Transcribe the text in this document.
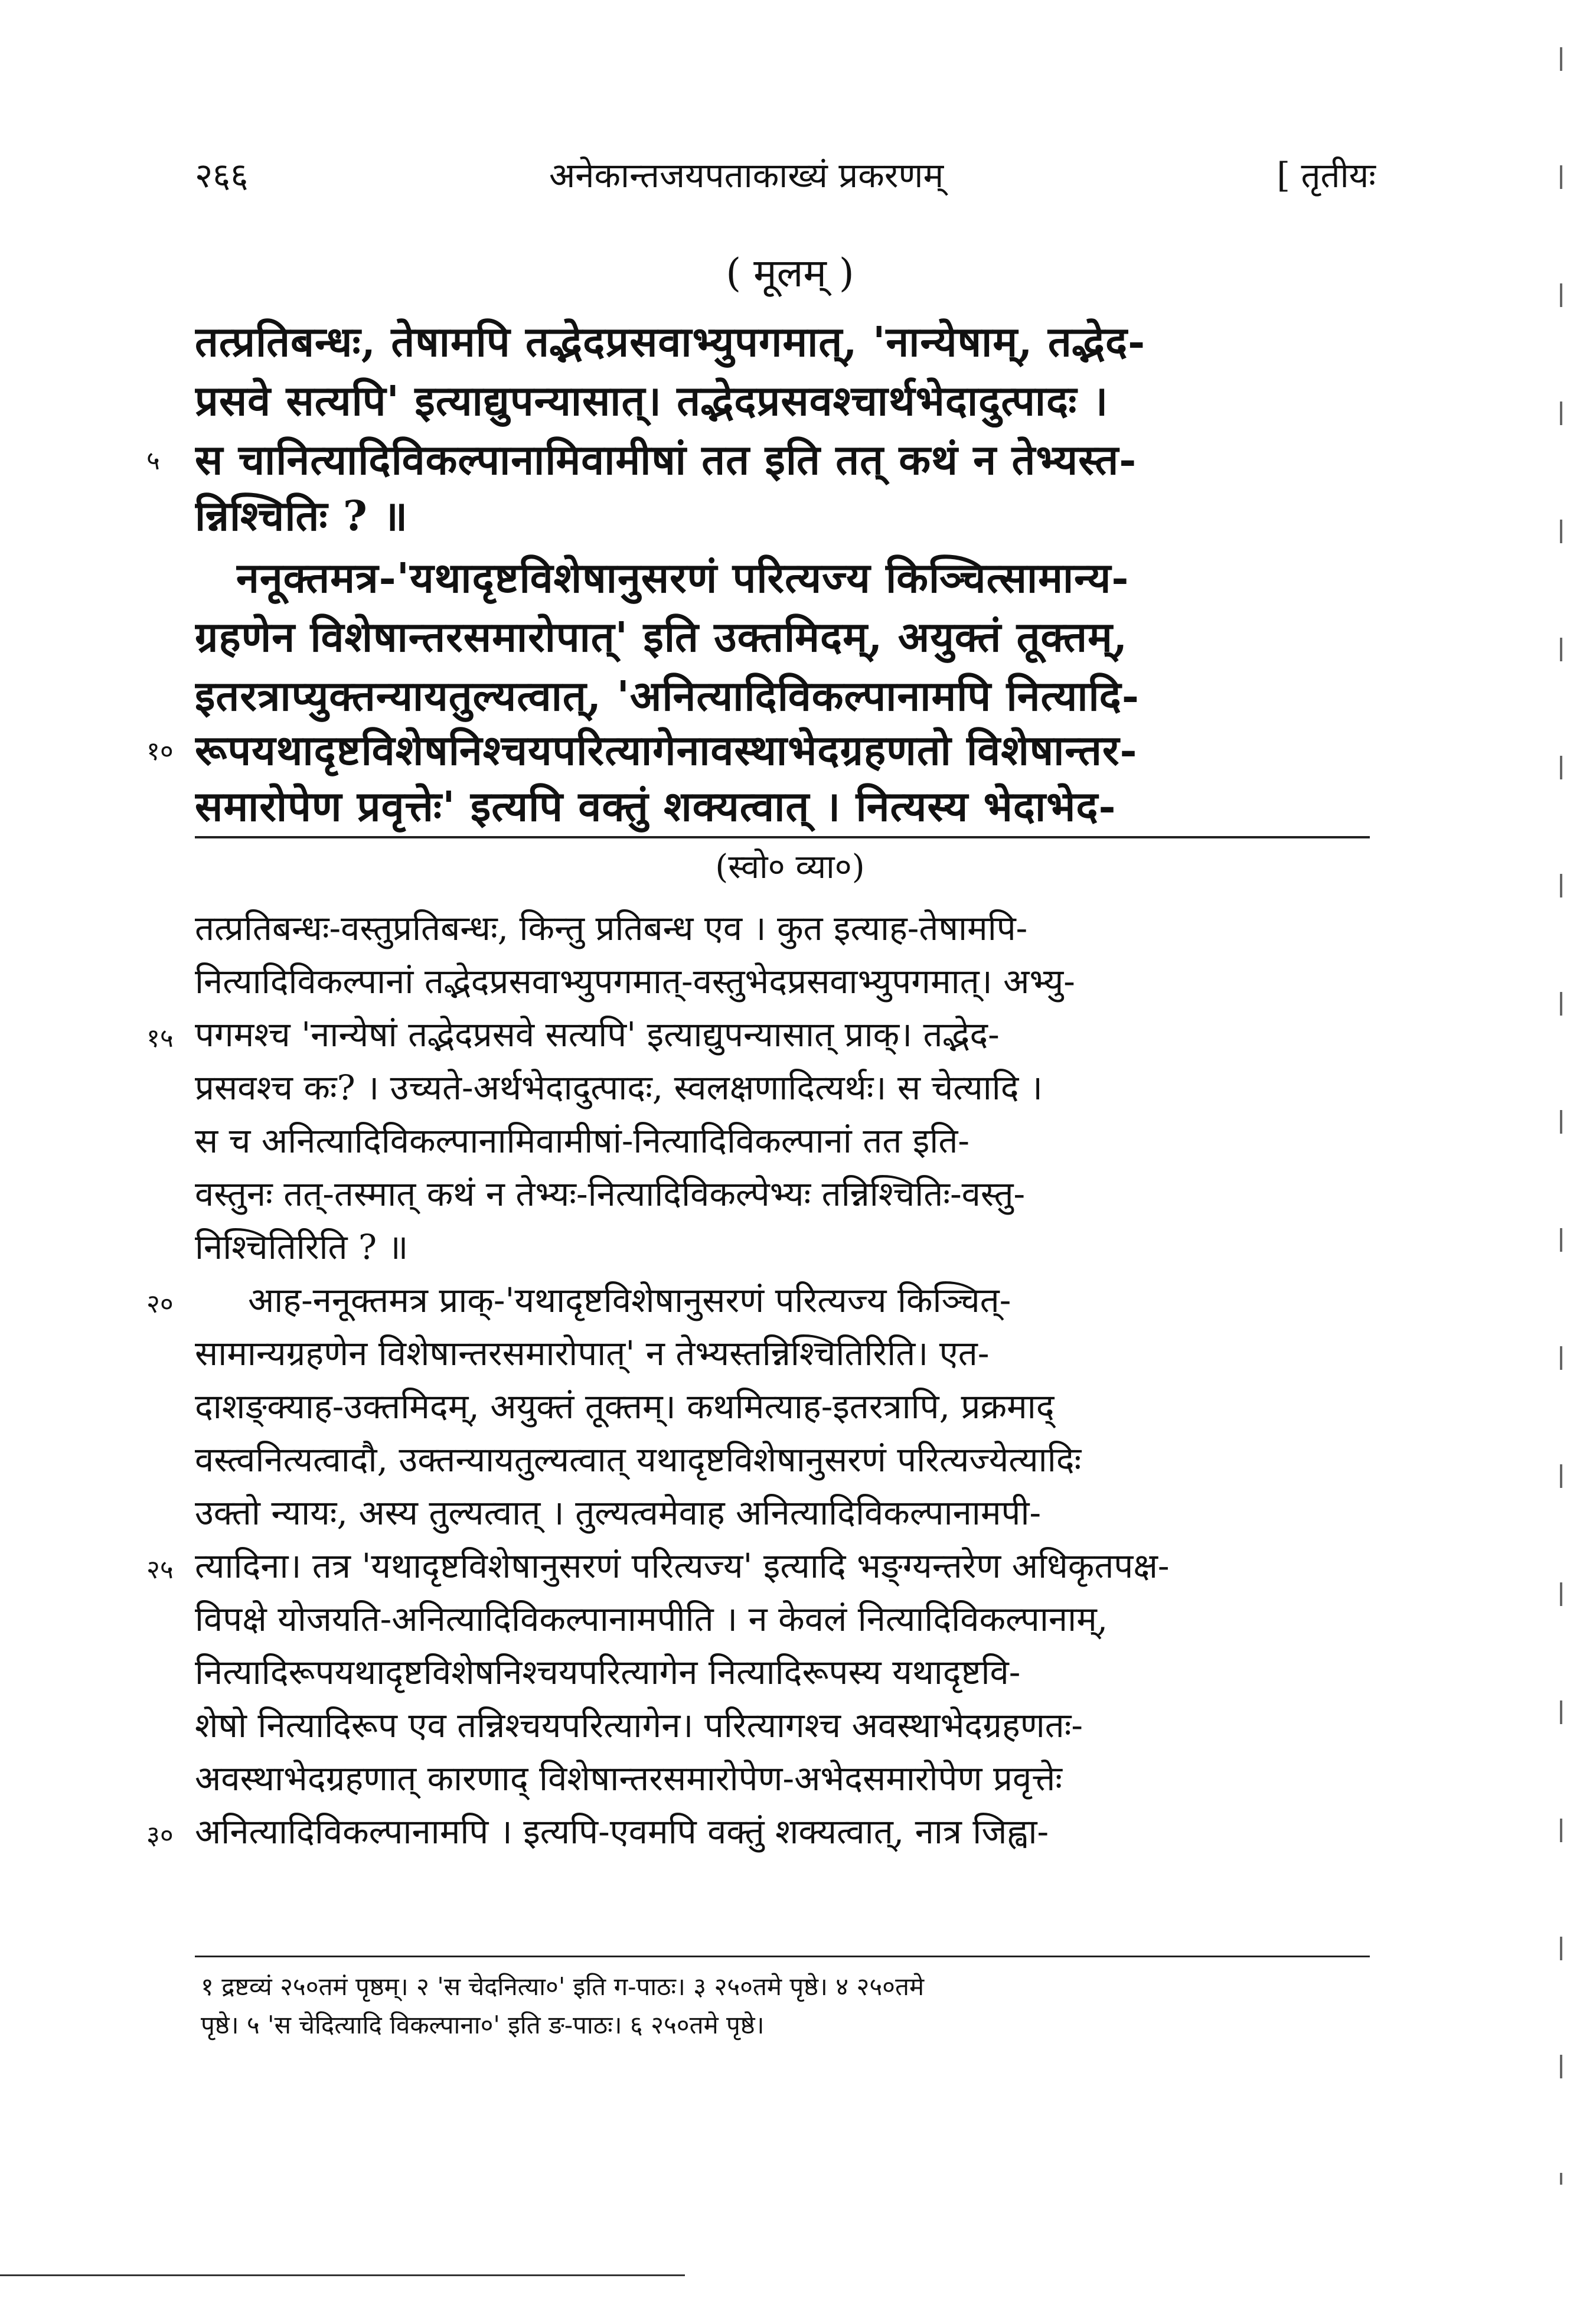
२६६	अनेकान्तजयपताकाख्यं प्रकरणम्	[ तृतीयः
( मूलम् )
तत्प्रतिबन्धः, तेषामपि तद्भेदप्रसवाभ्युपगमात्, 'नान्येषाम्, तद्भेद-
प्रसवे सत्यपि' इत्याद्युपन्यासात्। तद्भेदप्रसवश्चार्थभेदादुत्पादः ।
५ स चानित्यादिविकल्पानामिवामीषां तत इति तत् कथं न तेभ्यस्त-
न्निश्चितिः ? ॥
ननूक्तमत्र-'यथादृष्टविशेषानुसरणं परित्यज्य किञ्चित्सामान्य-
ग्रहणेन विशेषान्तरसमारोपात्' इति उक्तमिदम्, अयुक्तं तूक्तम्,
इतरत्राप्युक्तन्यायतुल्यत्वात्, 'अनित्यादिविकल्पानामपि नित्यादि-
१० रूपयथादृष्टविशेषनिश्चयपरित्यागेनावस्थाभेदग्रहणतो विशेषान्तर-
समारोपेण प्रवृत्तेः' इत्यपि वक्तुं शक्यत्वात् । नित्यस्य भेदाभेद-
(स्वो० व्या०)
तत्प्रतिबन्धः-वस्तुप्रतिबन्धः, किन्तु प्रतिबन्ध एव । कुत इत्याह-तेषामपि-
नित्यादिविकल्पानां तद्भेदप्रसवाभ्युपगमात्-वस्तुभेदप्रसवाभ्युपगमात्। अभ्यु-
१५ पगमश्च 'नान्येषां तद्भेदप्रसवे सत्यपि' इत्याद्युपन्यासात् प्राक्। तद्भेद-
प्रसवश्च कः? । उच्यते-अर्थभेदादुत्पादः, स्वलक्षणादित्यर्थः। स चेत्यादि ।
स च अनित्यादिविकल्पानामिवामीषां-नित्यादिविकल्पानां तत इति-
वस्तुनः तत्-तस्मात् कथं न तेभ्यः-नित्यादिविकल्पेभ्यः तन्निश्चितिः-वस्तु-
निश्चितिरिति ? ॥
२०	आह-ननूक्तमत्र प्राक्-'यथादृष्टविशेषानुसरणं परित्यज्य किञ्चित्-
सामान्यग्रहणेन विशेषान्तरसमारोपात्' न तेभ्यस्तन्निश्चितिरिति। एत-
दाशङ्क्याह-उक्तमिदम्, अयुक्तं तूक्तम्। कथमित्याह-इतरत्रापि, प्रक्रमाद्
वस्त्वनित्यत्वादौ, उक्तन्यायतुल्यत्वात् यथादृष्टविशेषानुसरणं परित्यज्येत्यादिः
उक्तो न्यायः, अस्य तुल्यत्वात् । तुल्यत्वमेवाह अनित्यादिविकल्पानामपी-
२५ त्यादिना। तत्र 'यथादृष्टविशेषानुसरणं परित्यज्य' इत्यादि भङ्ग्यन्तरेण अधिकृतपक्ष-
विपक्षे योजयति-अनित्यादिविकल्पानामपीति । न केवलं नित्यादिविकल्पानाम्,
नित्यादिरूपयथादृष्टविशेषनिश्चयपरित्यागेन नित्यादिरूपस्य यथादृष्टवि-
शेषो नित्यादिरूप एव तन्निश्चयपरित्यागेन। परित्यागश्च अवस्थाभेदग्रहणतः-
अवस्थाभेदग्रहणात् कारणाद् विशेषान्तरसमारोपेण-अभेदसमारोपेण प्रवृत्तेः
३० अनित्यादिविकल्पानामपि । इत्यपि-एवमपि वक्तुं शक्यत्वात्, नात्र जिह्वा-
१ द्रष्टव्यं २५०तमं पृष्ठम्। २ 'स चेदनित्या०' इति ग-पाठः। ३ २५०तमे पृष्ठे। ४ २५०तमे
पृष्ठे। ५ 'स चेदित्यादि विकल्पाना०' इति ङ-पाठः। ६ २५०तमे पृष्ठे।
